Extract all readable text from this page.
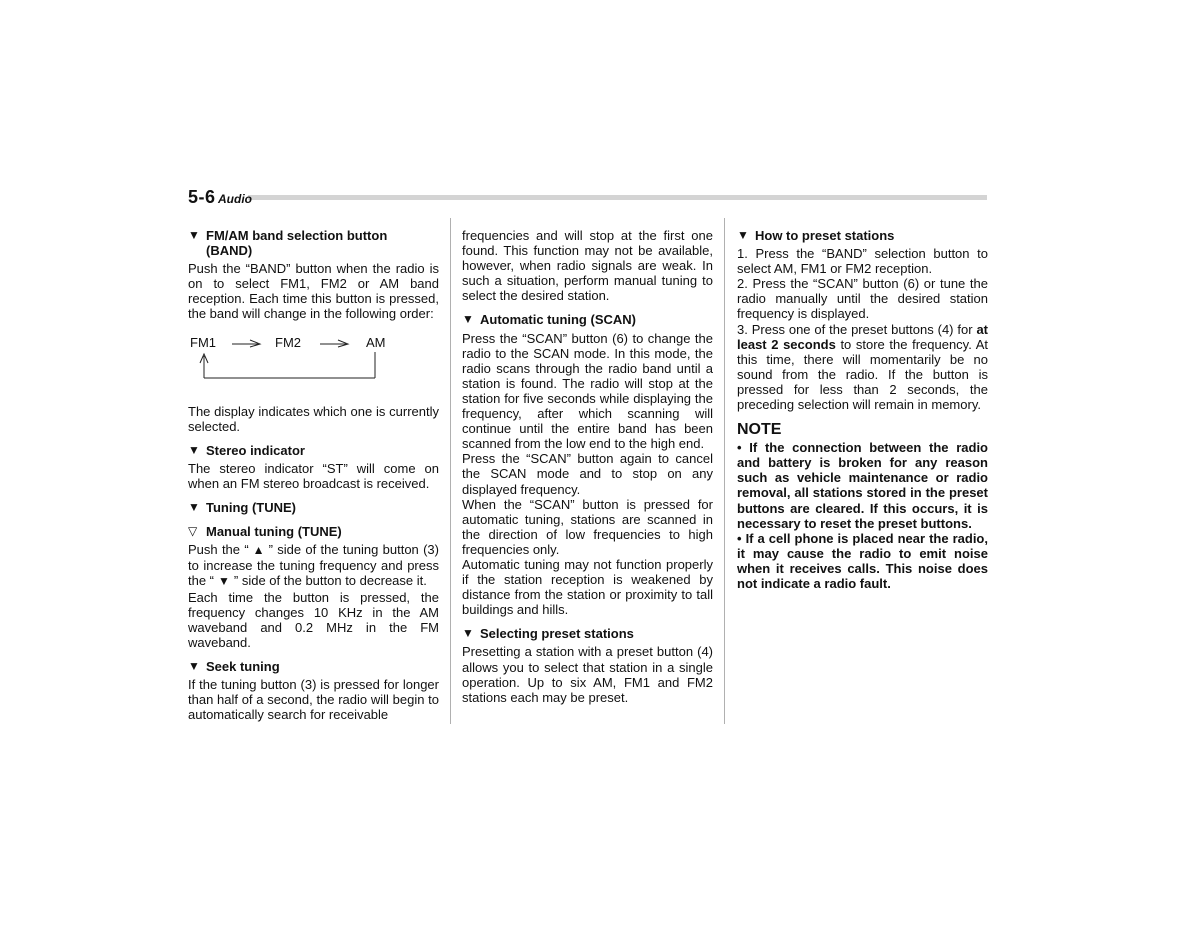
5-6 Audio
▼ FM/AM band selection button
(BAND)

Push the “BAND” button when the radio is on to select FM1, FM2 or AM band reception. Each time this button is pressed, the band will change in the following order:

FM1	FM2	AM

The display indicates which one is currently selected.

▼ Stereo indicator

The stereo indicator “ST” will come on when an FM stereo broadcast is received.

▼ Tuning (TUNE)
▽ Manual tuning (TUNE)

Push the “ ▲ ” side of the tuning button (3) to increase the tuning frequency and press the “ ▼ ” side of the button to decrease it.

Each time the button is pressed, the frequency changes 10 KHz in the AM waveband and 0.2 MHz in the FM waveband.

▼ Seek tuning

If the tuning button (3) is pressed for longer than half of a second, the radio will begin to automatically search for receivable

frequencies and will stop at the first one found. This function may not be available, however, when radio signals are weak. In such a situation, perform manual tuning to select the desired station.

▼ Automatic tuning (SCAN)

Press the “SCAN” button (6) to change the radio to the SCAN mode. In this mode, the radio scans through the radio band until a station is found. The radio will stop at the station for five seconds while displaying the frequency, after which scanning will continue until the entire band has been scanned from the low end to the high end.

Press the “SCAN” button again to cancel the SCAN mode and to stop on any displayed frequency.

When the “SCAN” button is pressed for automatic tuning, stations are scanned in the direction of low frequencies to high frequencies only.

Automatic tuning may not function properly if the station reception is weakened by distance from the station or proximity to tall buildings and hills.

▼ Selecting preset stations

Presetting a station with a preset button (4) allows you to select that station in a single operation. Up to six AM, FM1 and FM2 stations each may be preset.

▼ How to preset stations

1. Press the “BAND” selection button to select AM, FM1 or FM2 reception.

2. Press the “SCAN” button (6) or tune the radio manually until the desired station frequency is displayed.

3. Press one of the preset buttons (4) for at least 2 seconds to store the frequency. At this time, there will momentarily be no sound from the radio. If the button is pressed for less than 2 seconds, the preceding selection will remain in memory.

NOTE

• If the connection between the radio and battery is broken for any reason such as vehicle maintenance or radio removal, all stations stored in the preset buttons are cleared. If this occurs, it is necessary to reset the preset buttons.

• If a cell phone is placed near the radio, it may cause the radio to emit noise when it receives calls. This noise does not indicate a radio fault.
